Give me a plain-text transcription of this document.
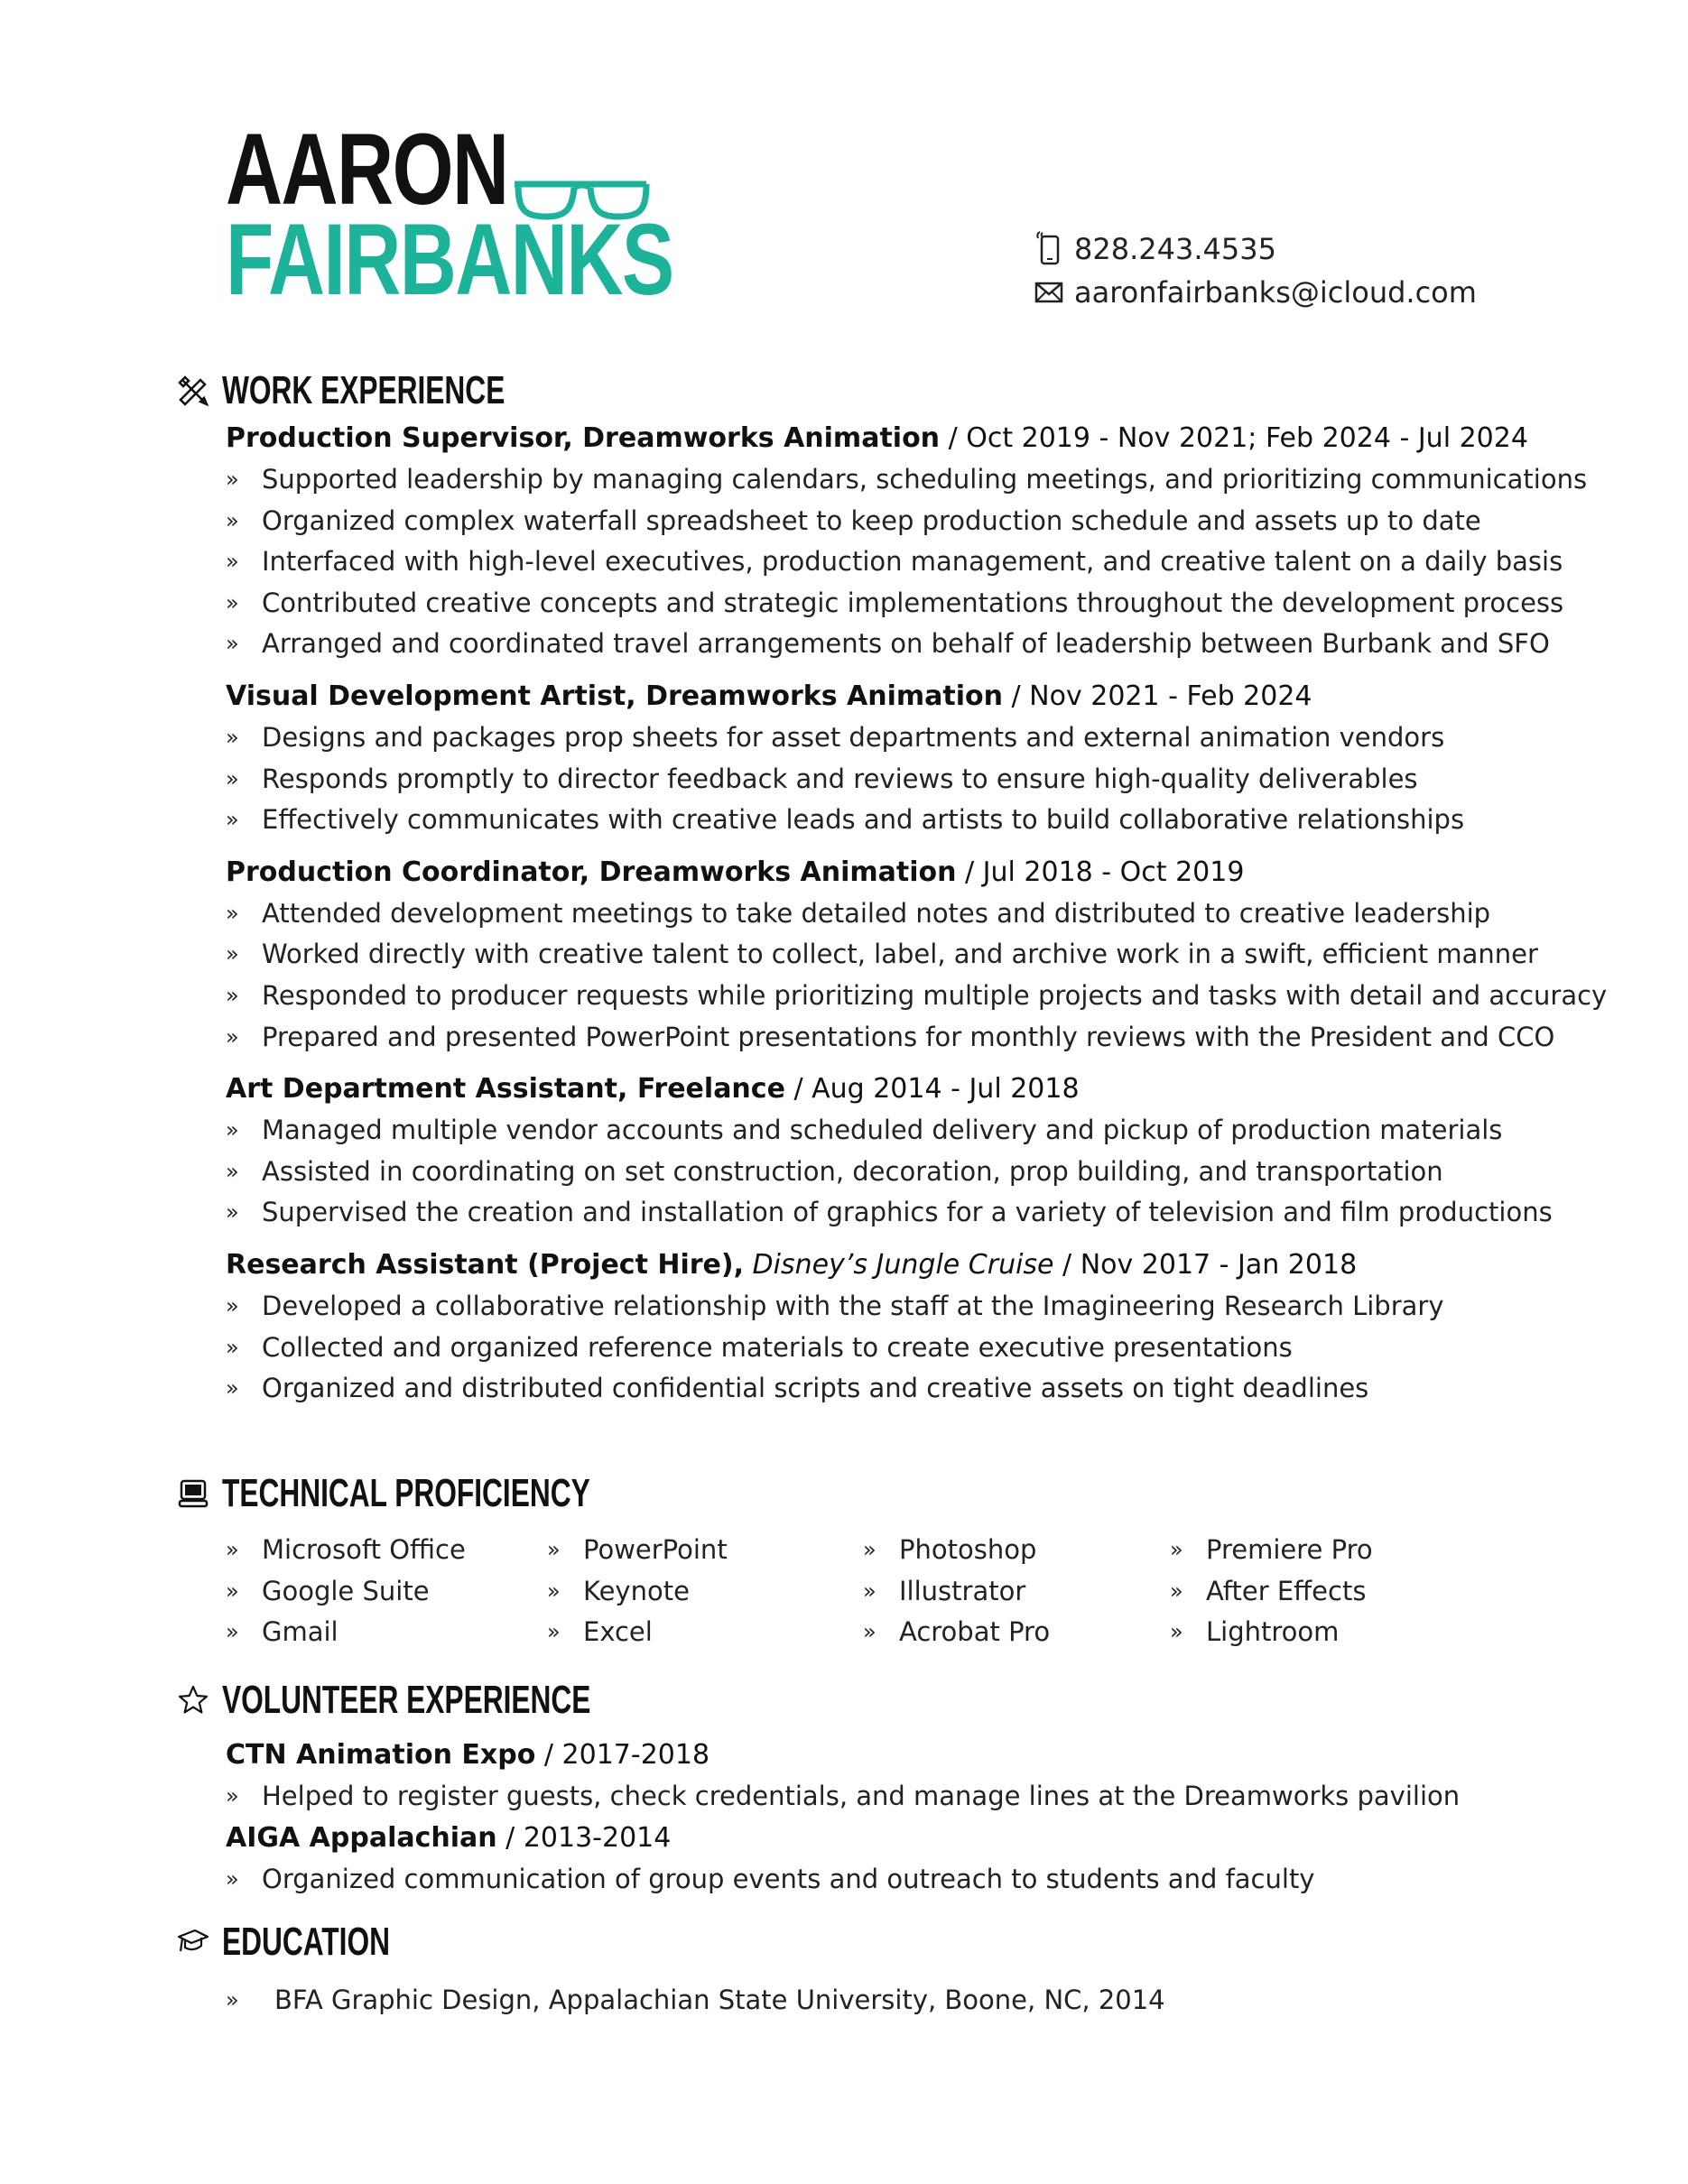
AARON
FAIRBANKS	828.243.4535
aaronfairbanks@icloud.com
WORK EXPERIENCE
Production Supervisor, Dreamworks Animation / Oct 2019 - Nov 2021; Feb 2024 - Jul 2024
» Supported leadership by managing calendars, scheduling meetings, and prioritizing communications
» Organized complex waterfall spreadsheet to keep production schedule and assets up to date
» Interfaced with high-level executives, production management, and creative talent on a daily basis
» Contributed creative concepts and strategic implementations throughout the development process
» Arranged and coordinated travel arrangements on behalf of leadership between Burbank and SFO
Visual Development Artist, Dreamworks Animation / Nov 2021 - Feb 2024
» Designs and packages prop sheets for asset departments and external animation vendors
» Responds promptly to director feedback and reviews to ensure high-quality deliverables
» Effectively communicates with creative leads and artists to build collaborative relationships
Production Coordinator, Dreamworks Animation / Jul 2018 - Oct 2019
» Attended development meetings to take detailed notes and distributed to creative leadership
» Worked directly with creative talent to collect, label, and archive work in a swift, efficient manner
» Responded to producer requests while prioritizing multiple projects and tasks with detail and accuracy
» Prepared and presented PowerPoint presentations for monthly reviews with the President and CCO
Art Department Assistant, Freelance / Aug 2014 - Jul 2018
» Managed multiple vendor accounts and scheduled delivery and pickup of production materials
» Assisted in coordinating on set construction, decoration, prop building, and transportation
» Supervised the creation and installation of graphics for a variety of television and film productions
Research Assistant (Project Hire), Disney’s Jungle Cruise / Nov 2017 - Jan 2018
» Developed a collaborative relationship with the staff at the Imagineering Research Library
» Collected and organized reference materials to create executive presentations
» Organized and distributed confidential scripts and creative assets on tight deadlines
TECHNICAL PROFICIENCY
» Microsoft Office
» Google Suite
» Gmail
» PowerPoint
» Keynote
» Excel
» Photoshop
» Illustrator
» Acrobat Pro
» Premiere Pro
» After Effects
» Lightroom
VOLUNTEER EXPERIENCE
CTN Animation Expo / 2017-2018
» Helped to register guests, check credentials, and manage lines at the Dreamworks pavilion
AIGA Appalachian / 2013-2014
» Organized communication of group events and outreach to students and faculty
EDUCATION
» BFA Graphic Design, Appalachian State University, Boone, NC, 2014
